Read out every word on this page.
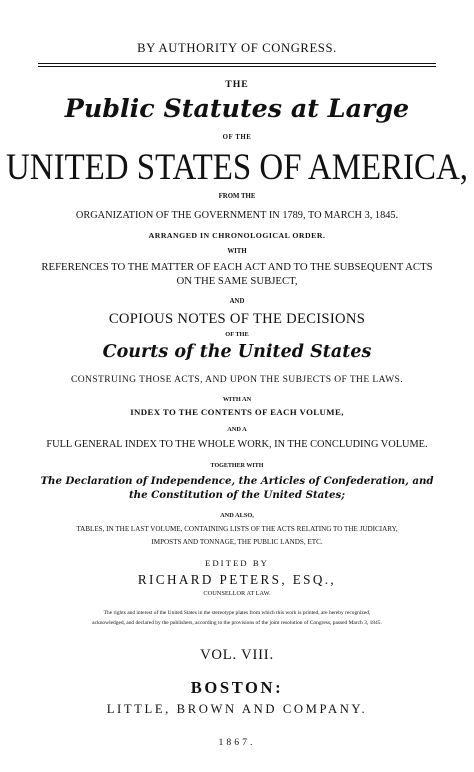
BY AUTHORITY OF CONGRESS.
THE
Public Statutes at Large
OF THE
UNITED STATES OF AMERICA,
FROM THE
ORGANIZATION OF THE GOVERNMENT IN 1789, TO MARCH 3, 1845.
ARRANGED IN CHRONOLOGICAL ORDER.
WITH
REFERENCES TO THE MATTER OF EACH ACT AND TO THE SUBSEQUENT ACTS
ON THE SAME SUBJECT,
AND
COPIOUS NOTES OF THE DECISIONS
OF THE
Courts of the United States
CONSTRUING THOSE ACTS, AND UPON THE SUBJECTS OF THE LAWS.
WITH AN
INDEX TO THE CONTENTS OF EACH VOLUME,
AND A
FULL GENERAL INDEX TO THE WHOLE WORK, IN THE CONCLUDING VOLUME.
TOGETHER WITH
The Declaration of Independence, the Articles of Confederation, and
the Constitution of the United States;
AND ALSO,
TABLES, IN THE LAST VOLUME, CONTAINING LISTS OF THE ACTS RELATING TO THE JUDICIARY,
IMPOSTS AND TONNAGE, THE PUBLIC LANDS, ETC.
EDITED BY
RICHARD PETERS, ESQ.,
COUNSELLOR AT LAW.
The rights and interest of the United States in the stereotype plates from which this work is printed, are hereby recognized,
acknowledged, and declared by the publishers, according to the provisions of the joint resolution of Congress, passed March 3, 1845.
VOL. VIII.
BOSTON:
LITTLE, BROWN AND COMPANY.
1867.
